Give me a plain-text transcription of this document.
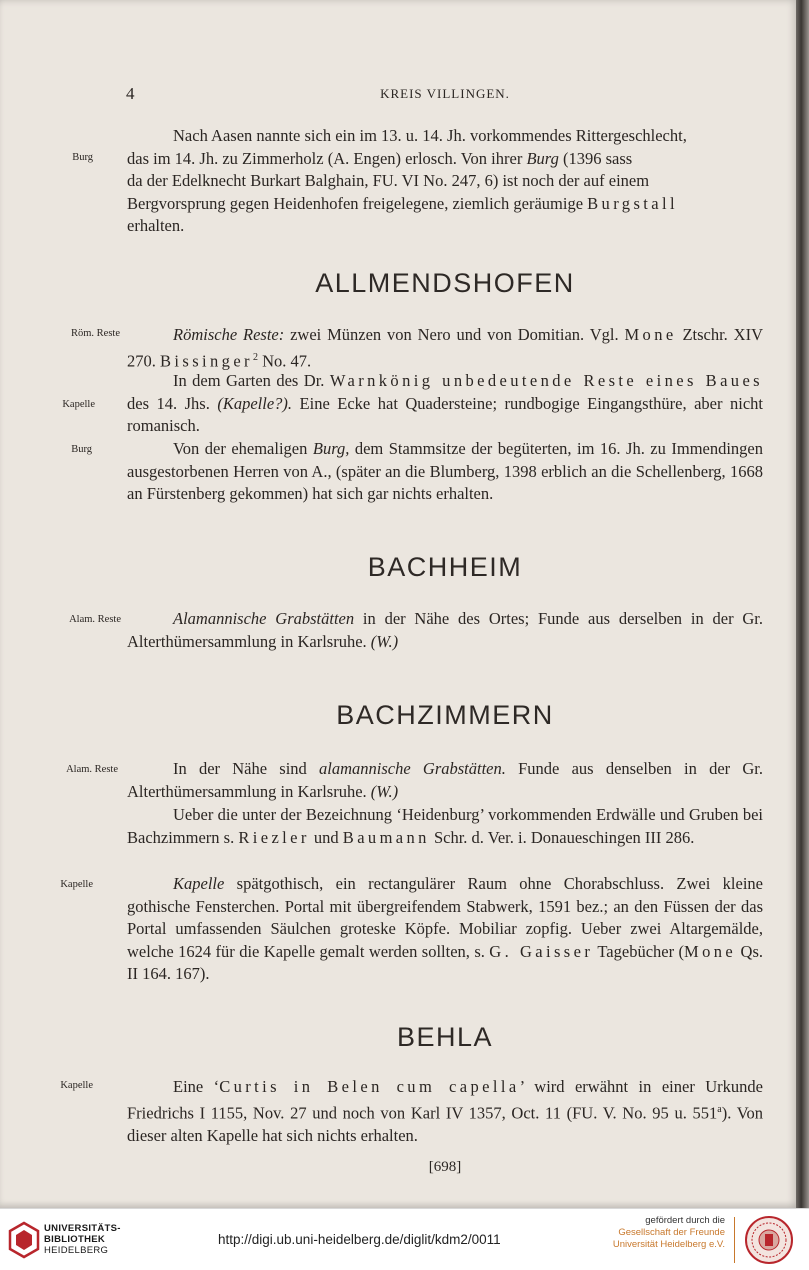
4	KREIS VILLINGEN.
Burg
Nach Aasen nannte sich ein im 13. u. 14. Jh. vorkommendes Rittergeschlecht,
das im 14. Jh. zu Zimmerholz (A. Engen) erlosch. Von ihrer Burg (1396 sass
da der Edelknecht Burkart Balghain, FU. VI No. 247, 6) ist noch der auf einem
Bergvorsprung gegen Heidenhofen freigelegene, ziemlich geräumige Burgstall
erhalten.
ALLMENDSHOFEN
Röm. Reste	Römische Reste: zwei Münzen von Nero und von Domitian. Vgl. Mone Ztschr. XIV 270. Bissinger$^2$ No. 47.
Kapelle
In dem Garten des Dr. Warnkönig unbedeutende Reste eines Baues des 14. Jhs. (Kapelle?). Eine Ecke hat Quadersteine; rundbogige Eingangsthüre, aber nicht romanisch.
Burg	Von der ehemaligen Burg, dem Stammsitze der begüterten, im 16. Jh. zu Immendingen ausgestorbenen Herren von A., (später an die Blumberg, 1398 erblich an die Schellenberg, 1668 an Fürstenberg gekommen) hat sich gar nichts erhalten.
BACHHEIM
Alam. Reste	Alamannische Grabstätten in der Nähe des Ortes; Funde aus derselben in der Gr. Alterthümersammlung in Karlsruhe. (W.)
BACHZIMMERN
Alam. Reste	In der Nähe sind alamannische Grabstätten. Funde aus denselben in der Gr. Alterthümersammlung in Karlsruhe. (W.)
Ueber die unter der Bezeichnung ‘Heidenburg’ vorkommenden Erdwälle und Gruben bei Bachzimmern s. Riezler und Baumann Schr. d. Ver. i. Donaueschingen III 286.
Kapelle	Kapelle spätgothisch, ein rectangulärer Raum ohne Chorabschluss. Zwei kleine gothische Fensterchen. Portal mit übergreifendem Stabwerk, 1591 bez.; an den Füssen der das Portal umfassenden Säulchen groteske Köpfe. Mobiliar zopfig. Ueber zwei Altargemälde, welche 1624 für die Kapelle gemalt werden sollten, s. G. Gaisser Tagebücher (Mone Qs. II 164. 167).
BEHLA
Kapelle	Eine ‘Curtis in Belen cum capella’ wird erwähnt in einer Urkunde Friedrichs I 1155, Nov. 27 und noch von Karl IV 1357, Oct. 11 (FU. V. No. 95 u. 551$^a$). Von dieser alten Kapelle hat sich nichts erhalten.
[698]
UNIVERSITÄTS-
BIBLIOTHEK
HEIDELBERG
http://digi.ub.uni-heidelberg.de/diglit/kdm2/0011
gefördert durch die
Gesellschaft der Freunde
Universität Heidelberg e.V.
